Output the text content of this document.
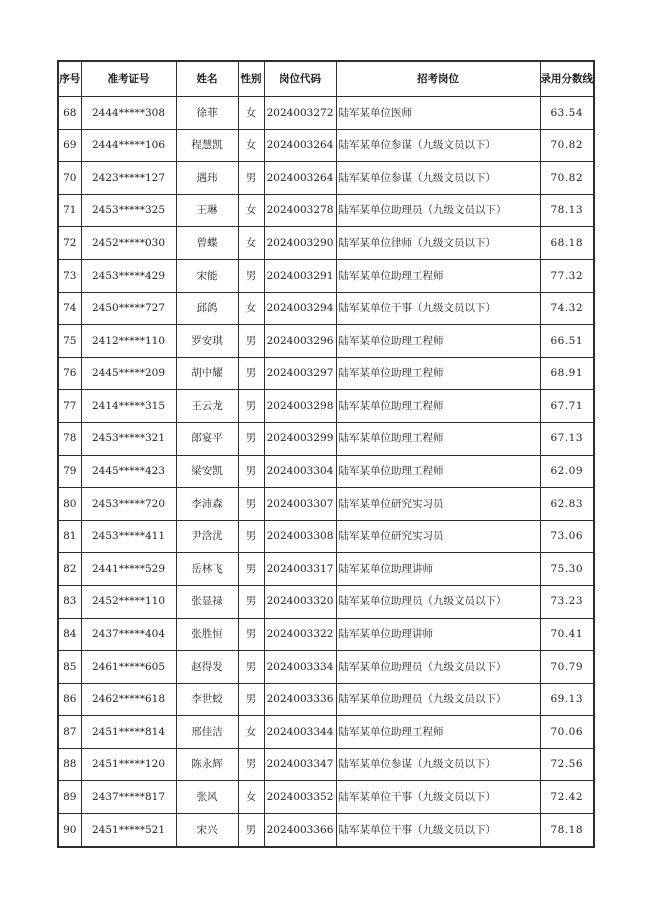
序号	准考证号	姓名	性别	岗位代码	招考岗位	录用分数线
68	2444*****308	徐菲	女	2024003272	陆军某单位医师	63.54
69	2444*****106	程慧凯	女	2024003264	陆军某单位参谋（九级文员以下）	70.82
70	2423*****127	遇玮	男	2024003264	陆军某单位参谋（九级文员以下）	70.82
71	2453*****325	王琳	女	2024003278	陆军某单位助理员（九级文员以下）	78.13
72	2452*****030	曾蝶	女	2024003290	陆军某单位律师（九级文员以下）	68.18
73	2453*****429	宋能	男	2024003291	陆军某单位助理工程师	77.32
74	2450*****727	邱鸽	女	2024003294	陆军某单位干事（九级文员以下）	74.32
75	2412*****110	罗安琪	男	2024003296	陆军某单位助理工程师	66.51
76	2445*****209	胡中耀	男	2024003297	陆军某单位助理工程师	68.91
77	2414*****315	王云龙	男	2024003298	陆军某单位助理工程师	67.71
78	2453*****321	郎宴平	男	2024003299	陆军某单位助理工程师	67.13
79	2445*****423	梁安凯	男	2024003304	陆军某单位助理工程师	62.09
80	2453*****720	李沛森	男	2024003307	陆军某单位研究实习员	62.83
81	2453*****411	尹浛沋	男	2024003308	陆军某单位研究实习员	73.06
82	2441*****529	岳林飞	男	2024003317	陆军某单位助理讲师	75.30
83	2452*****110	张显禄	男	2024003320	陆军某单位助理员（九级文员以下）	73.23
84	2437*****404	张胜恒	男	2024003322	陆军某单位助理讲师	70.41
85	2461*****605	赵得发	男	2024003334	陆军某单位助理员（九级文员以下）	70.79
86	2462*****618	李世蛟	男	2024003336	陆军某单位助理员（九级文员以下）	69.13
87	2451*****814	邢佳洁	女	2024003344	陆军某单位助理工程师	70.06
88	2451*****120	陈永辉	男	2024003347	陆军某单位参谋（九级文员以下）	72.56
89	2437*****817	张风	女	2024003352	陆军某单位干事（九级文员以下）	72.42
90	2451*****521	宋兴	男	2024003366	陆军某单位干事（九级文员以下）	78.18
